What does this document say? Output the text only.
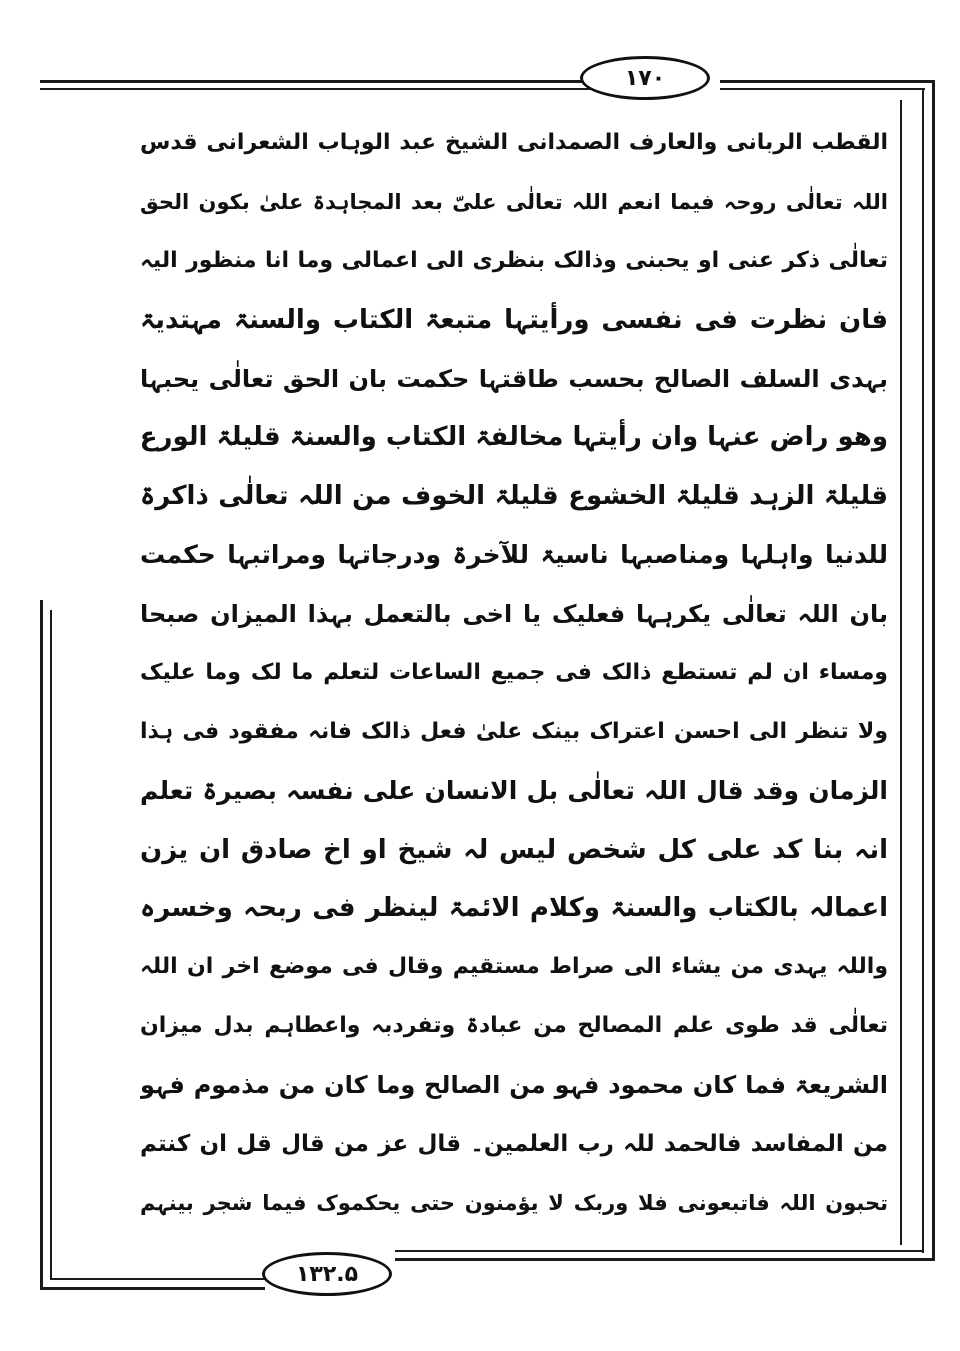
۱۷۰
القطب الربانی والعارف الصمدانی الشیخ عبد الوہاب الشعرانی قدس
اللہ تعالٰی روحہ فیما انعم اللہ تعالٰی علیّ بعد المجاہدۃ علیٰ بکون الحق
تعالٰی ذکر عنی او یحبنی وذالک بنظری الی اعمالی وما انا منظور الیہ
فان نظرت فی نفسی ورأیتہا متبعۃ الکتاب والسنۃ مہتدیۃ
بہدی السلف الصالح بحسب طاقتہا حکمت بان الحق تعالٰی یحبہا
وھو راض عنہا وان رأیتہا مخالفۃ الکتاب والسنۃ قلیلۃ الورع
قلیلۃ الزہد قلیلۃ الخشوع قلیلۃ الخوف من اللہ تعالٰی ذاکرۃ
للدنیا واہلہا ومناصبہا ناسیۃ للآخرۃ ودرجاتہا ومراتبہا حکمت
بان اللہ تعالٰی یکرہہا فعلیک یا اخی بالتعمل بہذا المیزان صبحا
ومساء ان لم تستطع ذالک فی جمیع الساعات لتعلم ما لک وما علیک
ولا تنظر الی احسن اعتراک بینک علیٰ فعل ذالک فانہ مفقود فی ہذا
الزمان وقد قال اللہ تعالٰی بل الانسان علی نفسہ بصیرۃ تعلم
انہ بنا کد علی کل شخص لیس لہ شیخ او اخ صادق ان یزن
اعمالہ بالکتاب والسنۃ وکلام الائمۃ لینظر فی ربحہ وخسرہ
واللہ یہدی من یشاء الی صراط مستقیم وقال فی موضع اخر ان اللہ
تعالٰی قد طوی علم المصالح من عبادۃ وتفردبہ واعطاہم بدل میزان
الشریعۃ فما کان محمود فہو من الصالح وما کان من مذموم فہو
من المفاسد فالحمد للہ رب العلمین۔ قال عز من قال قل ان کنتم
تحبون اللہ فاتبعونی فلا وربک لا یؤمنون حتی یحکموک فیما شجر بینہم
۱۳۲.۵
